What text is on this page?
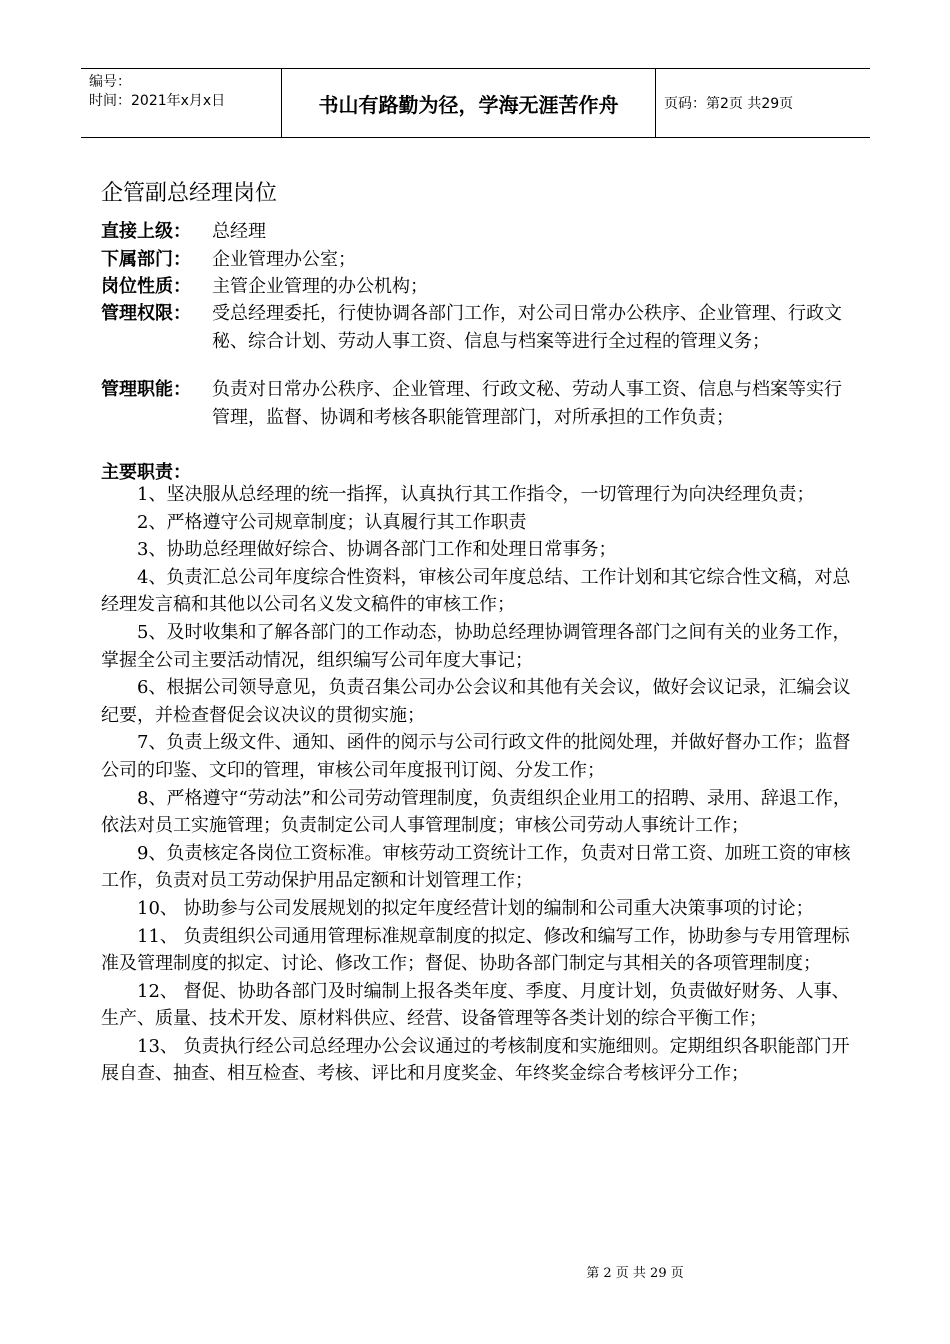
编号：
时间：2021年x月x日	书山有路勤为径，学海无涯苦作舟	页码：第2页 共29页
企管副总经理岗位
直接上级： 总经理
下属部门： 企业管理办公室；
岗位性质： 主管企业管理的办公机构；
管理权限： 受总经理委托，行使协调各部门工作，对公司日常办公秩序、企业管理、行政文秘、综合计划、劳动人事工资、信息与档案等进行全过程的管理义务；
管理职能： 负责对日常办公秩序、企业管理、行政文秘、劳动人事工资、信息与档案等实行管理，监督、协调和考核各职能管理部门，对所承担的工作负责；
主要职责：

1、坚决服从总经理的统一指挥，认真执行其工作指令，一切管理行为向决经理负责；

2、严格遵守公司规章制度；认真履行其工作职责

3、协助总经理做好综合、协调各部门工作和处理日常事务；

4、负责汇总公司年度综合性资料，审核公司年度总结、工作计划和其它综合性文稿，对总经理发言稿和其他以公司名义发文稿件的审核工作；

5、及时收集和了解各部门的工作动态，协助总经理协调管理各部门之间有关的业务工作，掌握全公司主要活动情况，组织编写公司年度大事记；

6、根据公司领导意见，负责召集公司办公会议和其他有关会议，做好会议记录，汇编会议纪要，并检查督促会议决议的贯彻实施；

7、负责上级文件、通知、函件的阅示与公司行政文件的批阅处理，并做好督办工作；监督公司的印鉴、文印的管理，审核公司年度报刊订阅、分发工作；

8、严格遵守“劳动法”和公司劳动管理制度，负责组织企业用工的招聘、录用、辞退工作，依法对员工实施管理；负责制定公司人事管理制度；审核公司劳动人事统计工作；

9、负责核定各岗位工资标准。审核劳动工资统计工作，负责对日常工资、加班工资的审核工作，负责对员工劳动保护用品定额和计划管理工作；

10、 协助参与公司发展规划的拟定年度经营计划的编制和公司重大决策事项的讨论；

11、 负责组织公司通用管理标准规章制度的拟定、修改和编写工作，协助参与专用管理标准及管理制度的拟定、讨论、修改工作；督促、协助各部门制定与其相关的各项管理制度；

12、 督促、协助各部门及时编制上报各类年度、季度、月度计划，负责做好财务、人事、生产、质量、技术开发、原材料供应、经营、设备管理等各类计划的综合平衡工作；

13、 负责执行经公司总经理办公会议通过的考核制度和实施细则。定期组织各职能部门开展自查、抽查、相互检查、考核、评比和月度奖金、年终奖金综合考核评分工作；

第 2 页 共 29 页
